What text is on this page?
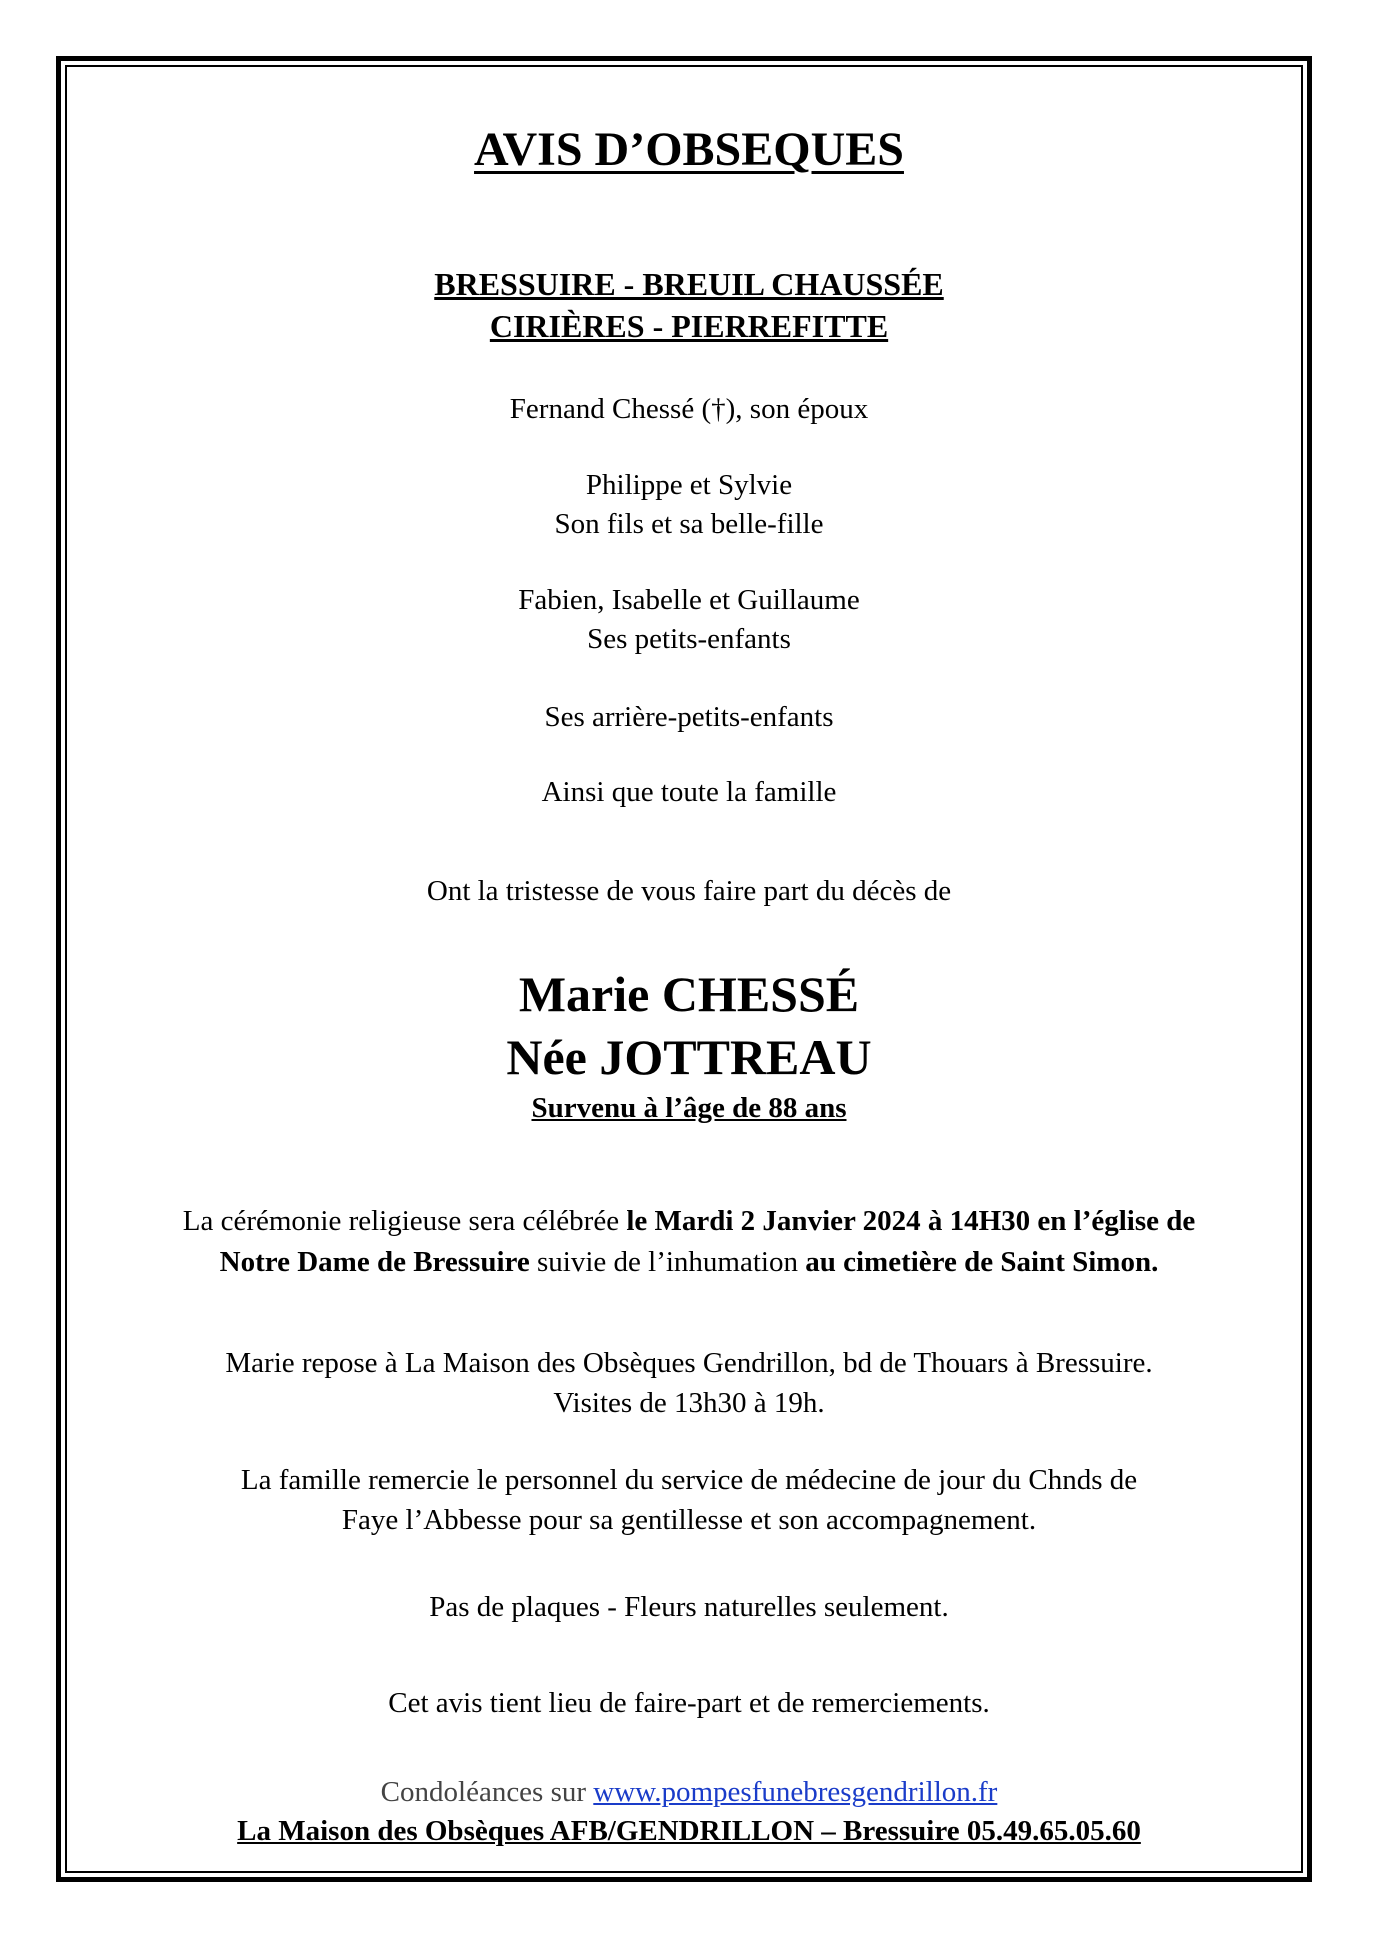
AVIS D’OBSEQUES
BRESSUIRE - BREUIL CHAUSSÉE
CIRIÈRES - PIERREFITTE
Fernand Chessé (†), son époux
Philippe et Sylvie
Son fils et sa belle-fille
Fabien, Isabelle et Guillaume
Ses petits-enfants
Ses arrière-petits-enfants
Ainsi que toute la famille
Ont la tristesse de vous faire part du décès de
Marie CHESSÉ
Née JOTTREAU
Survenu à l’âge de 88 ans
La cérémonie religieuse sera célébrée le Mardi 2 Janvier 2024 à 14H30 en l’église de
Notre Dame de Bressuire suivie de l’inhumation au cimetière de Saint Simon.
Marie repose à La Maison des Obsèques Gendrillon, bd de Thouars à Bressuire.
Visites de 13h30 à 19h.
La famille remercie le personnel du service de médecine de jour du Chnds de
Faye l’Abbesse pour sa gentillesse et son accompagnement.
Pas de plaques - Fleurs naturelles seulement.
Cet avis tient lieu de faire-part et de remerciements.
Condoléances sur www.pompesfunebresgendrillon.fr
La Maison des Obsèques AFB/GENDRILLON – Bressuire 05.49.65.05.60
